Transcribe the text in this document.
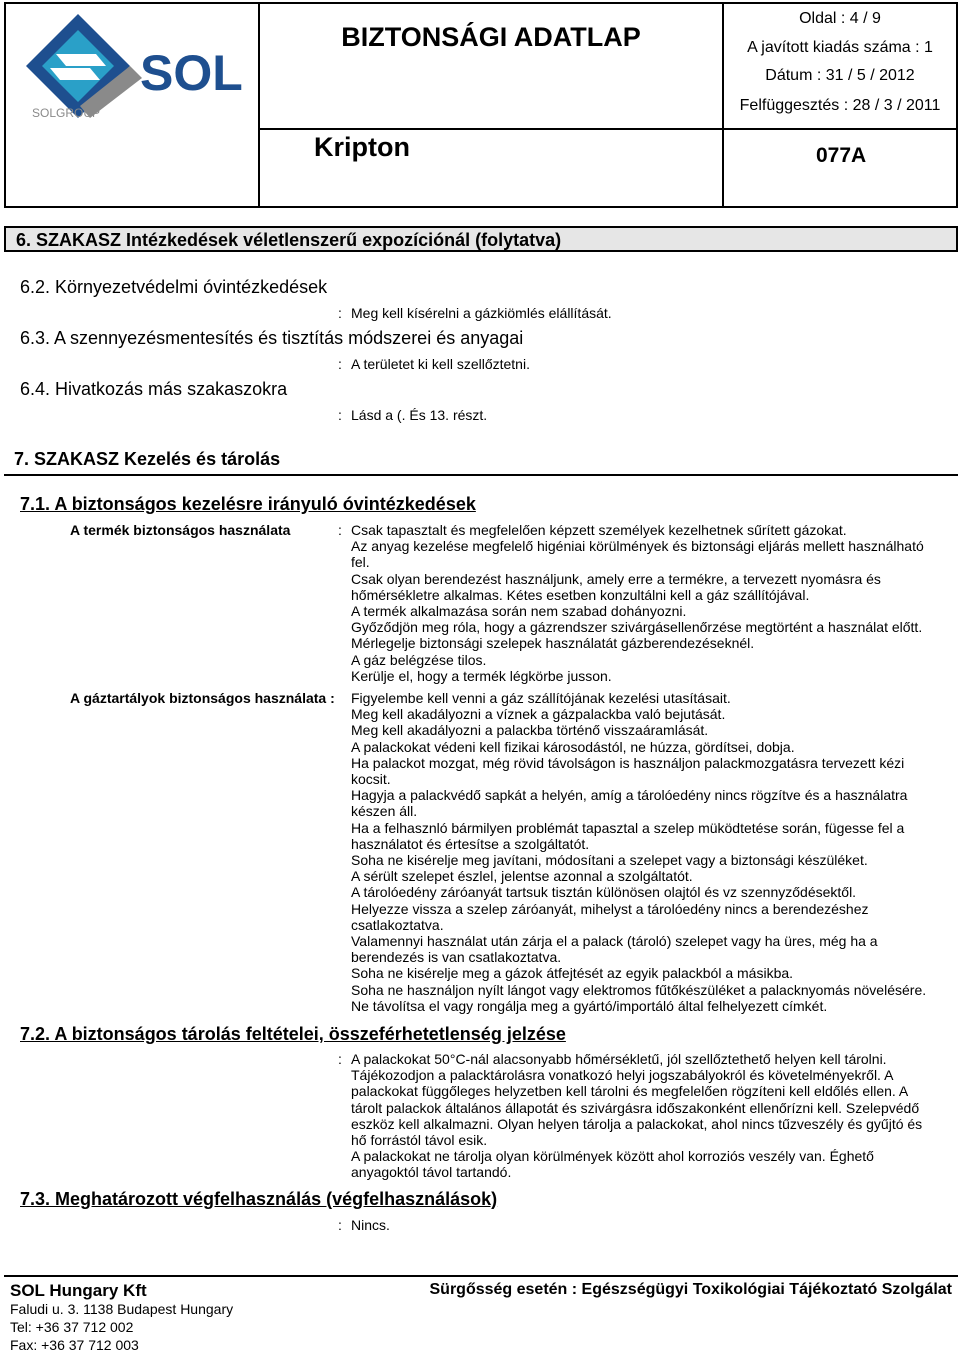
SOL
SOLGROUP
BIZTONSÁGI ADATLAP
Oldal : 4 / 9
A javított kiadás száma : 1
Dátum : 31 / 5 / 2012
Felfüggesztés : 28 / 3 / 2011
Kripton	077A
6. SZAKASZ Intézkedések véletlenszerű expozíciónál (folytatva)
6.2. Környezetvédelmi óvintézkedések
: Meg kell kísérelni a gázkiömlés elállítását.
6.3. A szennyezésmentesítés és tisztítás módszerei és anyagai
: A területet ki kell szellőztetni.
6.4. Hivatkozás más szakaszokra
: Lásd a (. És 13. részt.
7. SZAKASZ Kezelés és tárolás
7.1. A biztonságos kezelésre irányuló óvintézkedések
A termék biztonságos használata	: Csak tapasztalt és megfelelően képzett személyek kezelhetnek sűrített gázokat.
Az anyag kezelése megfelelő higéniai körülmények és biztonsági eljárás mellett használható
fel.
Csak olyan berendezést használjunk, amely erre a termékre, a tervezett nyomásra és
hőmérsékletre alkalmas. Kétes esetben konzultálni kell a gáz szállítójával.
A termék alkalmazása során nem szabad dohányozni.
Győződjön meg róla, hogy a gázrendszer szivárgásellenőrzése megtörtént a használat előtt.
Mérlegelje biztonsági szelepek használatát gázberendezéseknél.
A gáz belégzése tilos.
Kerülje el, hogy a termék légkörbe jusson.
A gáztartályok biztonságos használata : Figyelembe kell venni a gáz szállítójának kezelési utasításait.
Meg kell akadályozni a víznek a gázpalackba való bejutását.
Meg kell akadályozni a palackba történő visszaáramlását.
A palackokat védeni kell fizikai károsodástól, ne húzza, gördítsei, dobja.
Ha palackot mozgat, még rövid távolságon is használjon palackmozgatásra tervezett kézi
kocsit.
Hagyja a palackvédő sapkát a helyén, amíg a tárolóedény nincs rögzítve és a használatra
készen áll.
Ha a felhasznló bármilyen problémát tapasztal a szelep müködtetése során, fügesse fel a
használatot és értesítse a szolgáltatót.
Soha ne kisérelje meg javítani, módosítani a szelepet vagy a biztonsági készüléket.
A sérült szelepet észlel, jelentse azonnal a szolgáltatót.
A tárolóedény záróanyát tartsuk tisztán különösen olajtól és vz szennyződésektől.
Helyezze vissza a szelep záróanyát, mihelyst a tárolóedény nincs a berendezéshez
csatlakoztatva.
Valamennyi használat után zárja el a palack (tároló) szelepet vagy ha üres, még ha a
berendezés is van csatlakoztatva.
Soha ne kisérelje meg a gázok átfejtését az egyik palackból a másikba.
Soha ne használjon nyílt lángot vagy elektromos fűtőkészüléket a palacknyomás növelésére.
Ne távolítsa el vagy rongálja meg a gyártó/importáló által felhelyezett címkét.
7.2. A biztonságos tárolás feltételei, összeférhetetlenség jelzése
: A palackokat 50°C-nál alacsonyabb hőmérsékletű, jól szellőztethető helyen kell tárolni.
Tájékozodjon a palacktárolásra vonatkozó helyi jogszabályokról és követelményekről. A
palackokat függőleges helyzetben kell tárolni és megfelelően rögzíteni kell eldőlés ellen. A
tárolt palackok általános állapotát és szivárgásra időszakonként ellenőrízni kell. Szelepvédő
eszköz kell alkalmazni. Olyan helyen tárolja a palackokat, ahol nincs tűzveszély és gyűjtó és
hő forrástól távol esik.
A palackokat ne tárolja olyan körülmények között ahol korroziós veszély van. Éghető
anyagoktól távol tartandó.
7.3. Meghatározott végfelhasználás (végfelhasználások)
: Nincs.
SOL Hungary Kft	Sürgősség esetén : Egészségügyi Toxikológiai Tájékoztató Szolgálat
Faludi u. 3. 1138 Budapest Hungary
Tel: +36 37 712 002
Fax: +36 37 712 003
